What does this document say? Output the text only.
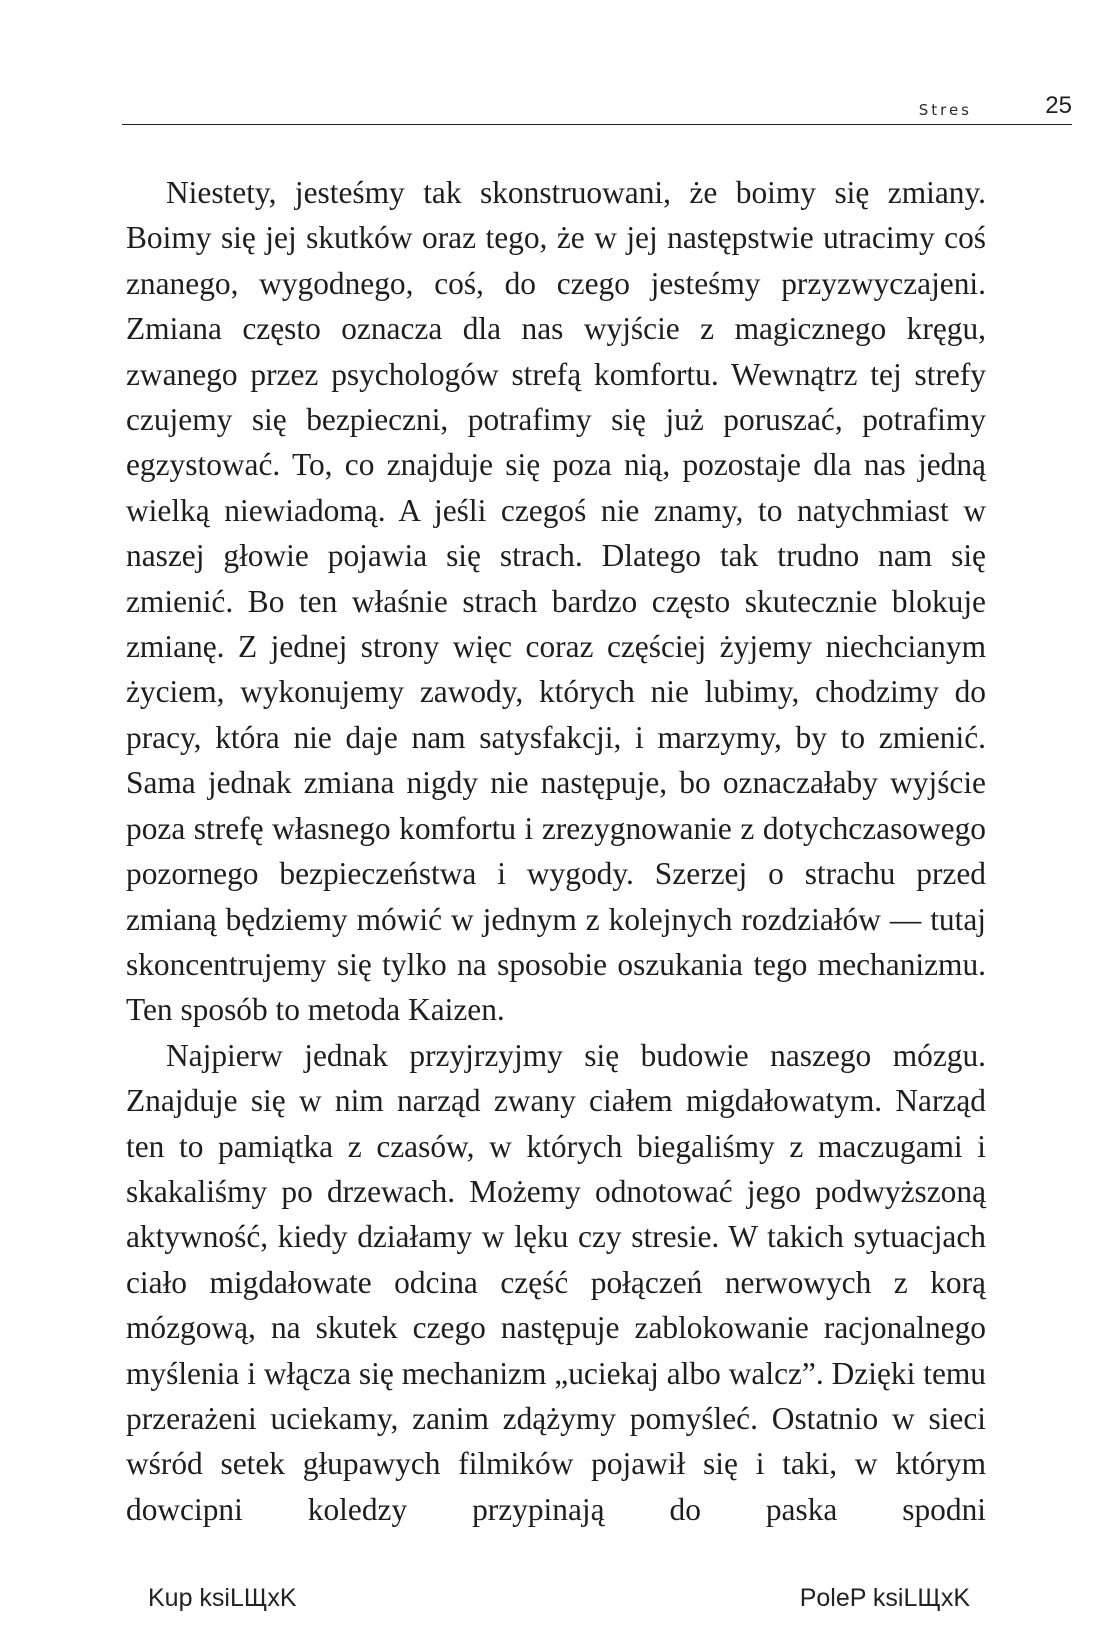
Stres	25

Niestety, jesteśmy tak skonstruowani, że boimy się zmiany. Boimy się jej skutków oraz tego, że w jej następstwie utracimy coś znanego, wygodnego, coś, do czego jesteśmy przyzwyczajeni. Zmiana często oznacza dla nas wyjście z magicznego kręgu, zwanego przez psychologów strefą komfortu. Wewnątrz tej strefy czujemy się bezpieczni, potrafimy się już poruszać, potrafimy egzystować. To, co znajduje się poza nią, pozostaje dla nas jedną wielką niewiadomą. A jeśli czegoś nie znamy, to natychmiast w naszej głowie pojawia się strach. Dlatego tak trudno nam się zmienić. Bo ten właśnie strach bardzo często skutecznie blokuje zmianę. Z jednej strony więc coraz częściej żyjemy niechcianym życiem, wykonujemy zawody, których nie lubimy, chodzimy do pracy, która nie daje nam satysfakcji, i marzymy, by to zmienić. Sama jednak zmiana nigdy nie następuje, bo oznaczałaby wyjście poza strefę własnego komfortu i zrezygnowanie z dotychczasowego pozornego bezpieczeństwa i wygody. Szerzej o strachu przed zmianą będziemy mówić w jednym z kolejnych rozdziałów — tutaj skoncentrujemy się tylko na sposobie oszukania tego mechanizmu. Ten sposób to metoda Kaizen.

Najpierw jednak przyjrzyjmy się budowie naszego mózgu. Znajduje się w nim narząd zwany ciałem migdałowatym. Narząd ten to pamiątka z czasów, w których biegaliśmy z maczugami i skakaliśmy po drzewach. Możemy odnotować jego podwyższoną aktywność, kiedy działamy w lęku czy stresie. W takich sytuacjach ciało migdałowate odcina część połączeń nerwowych z korą mózgową, na skutek czego następuje zablokowanie racjonalnego myślenia i włącza się mechanizm „uciekaj albo walcz”. Dzięki temu przerażeni uciekamy, zanim zdążymy pomyśleć. Ostatnio w sieci wśród setek głupawych filmików pojawił się i taki, w którym dowcipni koledzy przypinają do paska spodni

Kup ksiLЩxK	PoleP ksiLЩxK
